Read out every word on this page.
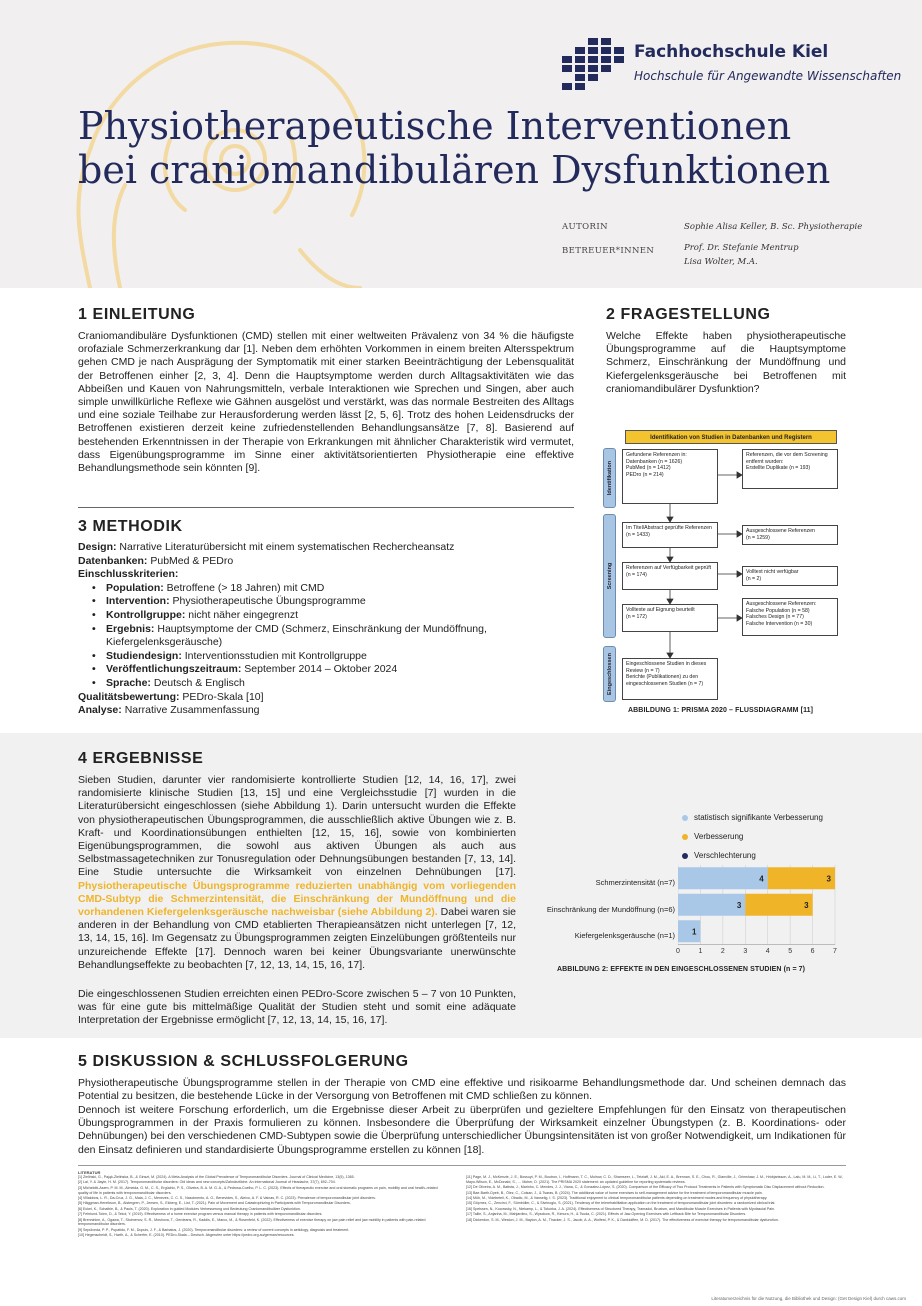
Fachhochschule Kiel
Hochschule für Angewandte Wissenschaften
Physiotherapeutische Interventionen
bei craniomandibulären Dysfunktionen
AUTORIN	Sophie Alisa Keller, B. Sc. Physiotherapie
BETREUER*INNEN	Prof. Dr. Stefanie Mentrup
Lisa Wolter, M.A.
1 EINLEITUNG

Craniomandibuläre Dysfunktionen (CMD) stellen mit einer weltweiten Prävalenz von 34 % die häufigste orofaziale Schmerzerkrankung dar [1]. Neben dem erhöhten Vorkommen in einem breiten Altersspektrum gehen CMD je nach Ausprägung der Symptomatik mit einer starken Beeinträchtigung der Lebensqualität der Betroffenen einher [2, 3, 4]. Denn die Hauptsymptome werden durch Alltagsaktivitäten wie das Abbeißen und Kauen von Nahrungsmitteln, verbale Interaktionen wie Sprechen und Singen, aber auch simple unwillkürliche Reflexe wie Gähnen ausgelöst und verstärkt, was das normale Bestreiten des Alltags und eine soziale Teilhabe zur Herausforderung werden lässt [2, 5, 6]. Trotz des hohen Leidensdrucks der Betroffenen existieren derzeit keine zufriedenstellenden Behandlungsansätze [7, 8]. Basierend auf bestehenden Erkenntnissen in der Therapie von Erkrankungen mit ähnlicher Charakteristik wird vermutet, dass Eigenübungsprogramme im Sinne einer aktivitätsorientierten Physiotherapie eine effektive Behandlungsmethode sein könnten [9].

2 FRAGESTELLUNG

Welche Effekte haben physiotherapeutische Übungsprogramme auf die Hauptsymptome Schmerz, Einschränkung der Mundöffnung und Kiefergelenksgeräusche bei Betroffenen mit craniomandibulärer Dysfunktion?

Identifikation von Studien in Datenbanken und Registern
Identifikation
Screening
Eingeschlossen
Gefundene Referenzen in:
Datenbanken (n = 1626)
PubMed (n = 1412)
PEDro (n = 214)
Referenzen, die vor dem Screening entfernt wurden:
Erstellte Duplikate (n = 193)
Im Titel/Abstract geprüfte Referenzen
(n = 1433)
Ausgeschlossene Referenzen
(n = 1259)
Referenzen auf Verfügbarkeit geprüft
(n = 174)	Volltext nicht verfügbar
(n = 2)
Volltexte auf Eignung beurteilt
(n = 172)
Ausgeschlossene Referenzen:
Falsche Population (n = 58)
Falsches Design (n = 77)
Falsche Intervention (n = 30)
Eingeschlossene Studien in dieses Review (n = 7)
Berichte (Publikationen) zu den eingeschlossenen Studien (n = 7)
ABBILDUNG 1: PRISMA 2020 – FLUSSDIAGRAMM [11]
3 METHODIK
Design: Narrative Literaturübersicht mit einem systematischen Rechercheansatz
Datenbanken: PubMed & PEDro
Einschlusskriterien:
• Population: Betroffene (> 18 Jahren) mit CMD
• Intervention: Physiotherapeutische Übungsprogramme
• Kontrollgruppe: nicht näher eingegrenzt
• Ergebnis: Hauptsymptome der CMD (Schmerz, Einschränkung der Mundöffnung, Kiefergelenksgeräusche)
• Studiendesign: Interventionsstudien mit Kontrollgruppe
• Veröffentlichungszeitraum: September 2014 – Oktober 2024
• Sprache: Deutsch & Englisch
Qualitätsbewertung: PEDro-Skala [10]
Analyse: Narrative Zusammenfassung
4 ERGEBNISSE

Sieben Studien, darunter vier randomisierte kontrollierte Studien [12, 14, 16, 17], zwei randomisierte klinische Studien [13, 15] und eine Vergleichsstudie [7] wurden in die Literaturübersicht eingeschlossen (siehe Abbildung 1). Darin untersucht wurden die Effekte von physiotherapeutischen Übungsprogrammen, die ausschließlich aktive Übungen wie z. B. Kraft- und Koordinationsübungen enthielten [12, 15, 16], sowie von kombinierten Eigenübungsprogrammen, die sowohl aus aktiven Übungen als auch aus Selbstmassagetechniken zur Tonusregulation oder Dehnungsübungen bestanden [7, 13, 14]. Eine Studie untersuchte die Wirksamkeit von einzelnen Dehnübungen [17]. Physiotherapeutische Übungsprogramme reduzierten unabhängig vom vorliegenden CMD-Subtyp die Schmerzintensität, die Einschränkung der Mundöffnung und die vorhandenen Kiefergelenksgeräusche nachweisbar (siehe Abbildung 2). Dabei waren sie anderen in der Behandlung von CMD etablierten Therapieansätzen nicht unterlegen [7, 12, 13, 14, 15, 16]. Im Gegensatz zu Übungsprogrammen zeigten Einzelübungen größtenteils nur unzureichende Effekte [17]. Dennoch waren bei keiner Übungsvariante unerwünschte Behandlungseffekte zu beobachten [7, 12, 13, 14, 15, 16, 17].

Die eingeschlossenen Studien erreichten einen PEDro-Score zwischen 5 – 7 von 10 Punkten, was für eine gute bis mittelmäßige Qualität der Studien steht und somit eine adäquate Interpretation der Ergebnisse ermöglicht [7, 12, 13, 14, 15, 16, 17].

statistisch signifikante Verbesserung
Verbesserung
Verschlechterung
Schmerzintensität (n=7)
Einschränkung der Mundöffnung (n=6)
Kiefergelenksgeräusche (n=1)
4	3
3	3
1
0	1	2	3	4	5	6	7
ABBILDUNG 2: EFFEKTE IN DEN EINGESCHLOSSENEN STUDIEN (n = 7)
5 DISKUSSION & SCHLUSSFOLGERUNG

Physiotherapeutische Übungsprogramme stellen in der Therapie von CMD eine effektive und risikoarme Behandlungsmethode dar. Und scheinen demnach das Potential zu besitzen, die bestehende Lücke in der Versorgung von Betroffenen mit CMD schließen zu können.

Dennoch ist weitere Forschung erforderlich, um die Ergebnisse dieser Arbeit zu überprüfen und gezieltere Empfehlungen für den Einsatz von therapeutischen Übungsprogrammen in der Praxis formulieren zu können. Insbesondere die Überprüfung der Wirksamkeit einzelner Übungstypen (z. B. Koordinations- oder Dehnübungen) bei den verschiedenen CMD-Subtypen sowie die Überprüfung unterschiedlicher Übungsintensitäten ist von großer Notwendigkeit, um Indikationen für den Einsatz definieren und standardisierte Übungsprogramme erstellen zu können [18].

LITERATUR
[1] Zieliński, G., Pająk-Zielińska, B., & Ginszt, M. (2024). A Meta-Analysis of the Global Prevalence of Temporomandibular Disorders. Journal of Clinical Medicine, 13(5), 1365.
[2] Lai, Y. & Jiayin, H. M. (2017). Temporomandibular disorders: Old ideas and new concepts/Zahnärztliche. An international Journal of Headache, 37(7), 692–704.
[3] Michelotti-Asem, P. M. M., Almeida, G. M., C. S., Ergüchic, P. S., Oliveira, B. A. M. G. A., & Pedrosa-Coelho, P. L. C. (2023). Effects of therapeutic exercise and oral stomatic programs on pain, mobility and oral health–related quality of life in patients with temporomandibular disorders.
[4] Villalobos, L. R., Da-Cruz, J. G., Maia, J. C., Menezes, C. C. S., Nascimento, A. G., Benevides, S., Aleixo, A. F. & Vainas, R. C. (2023). Prevalence of temporomandibular joint disorders.
[5] Häggman-Henrikson, B., Alstergren, P., Jensen, S., Ekberg, E., List, T. (2021). Pain of Movement and Catastrophizing in Participants with Temporomandibular Disorders.
[6] Eckel, K., Schaible, B., & Pauls, T. (2020). Exploration in guided Modules Verbesserung und Bedeutung Craniomandibulärer Dysfunktion.
[7] Fehrlund-Tolen, D., & Tekol, Y. (2019). Effectiveness of a home exercise program versus manual therapy in patients with temporomandibular disorders.
[8] Brenninkm, A., Ogawa, T., Stoimenov, S. R., Moshova, T., Gerdeans, R., Kaddis, E., Marco, M., & Rosenfeld, K. (2022). Effectiveness of exercise therapy on jaw pain relief and jaw mobility in patients with pain-related temporomandibular disorders.
[9] Sepúlveda, P. P., Pupatido, F. M., Dupuis, J. F., & Barbatos, J. (2020). Temporomandibular disorders: a review of current concepts in aetiology, diagnosis and treatment.
[10] Hegenscheidt, S., Harth, A., & Scherfer, E. (2010). PEDro-Skala – Deutsch. Abgerufen unter https://pedro.org.au/german/resources.
[11] Page, M. J., McKenzie, J. E., Bossuyt, P. M., Boutron, I., Hoffmann, T. C., Mulrow, C. D., Shamseer, L., Tetzlaff, J. M., Akl, E. A., Brennan, S. E., Chou, R., Glanville, J., Grimshaw, J. M., Hróbjartsson, A., Lalu, M. M., Li, T., Loder, E. W., Mayo-Wilson, E., McDonald, S., … Moher, D. (2021). The PRISMA 2020 statement: an updated guideline for reporting systematic reviews.
[12] De Oliveira, A. M., Batista, J., Marinho, C. Mendes, J. J., Viana, C., & Gonzalez-López, S. (2020). Comparison of the Efficacy of Two Protocol Treatments in Patients with Symptomatic Disc Displacement without Reduction.
[13] Bae-Barth-Dyeb, B., Ölez, C., Colsan, J., & Tsaras, B. (2024). The additional value of home exercises to self-management advice for the treatment of temporomandibular muscle pain.
[14] Müh, M., Videbeteli, K., Obadic, M., & Vanselig, I. S. (2023). Traditional enjoyment to clinical temporomandibular patients depending on treatment modes and frequency of physiotherapy.
[15] Göçmez, C., Zencirci, F., Sümbüller, C., & Sivrinoglu, S. (2021). Tendency of the telerehabilitation application on the treatment of temporomandibular joint disorders: a randomized clinical trial.
[16] Spelssen, N., Kocowsky, N., Niekamp, L., & Tokurka, J. A. (2024). Effectiveness of Structured Therapy, Tramadol, Bruxism, and Mandibular Muscle Exercises in Patients with Myofascial Pain.
[17] Tallie, S., Anjanha, M., Mahjardino, S., Wysckow, R., Kimura, H., & Tsuda, C. (2021). Effects of Jaw-Opening Exercises with Leftback Bite for Temporomandibular Disorders.
[18] Dickerdon, S. M., Weston, J. M., Bayton, A. M., Thacker, J. S., Jacob, A. A., Wolfest, P. K., & Dankloiffen, M. D. (2017). The effectiveness of exercise therapy for temporomandibular dysfunction.
Literaturverzeichnis für die Nutzung, die Bibliothek und Design: (Get Design Kiel) durch caws.com
